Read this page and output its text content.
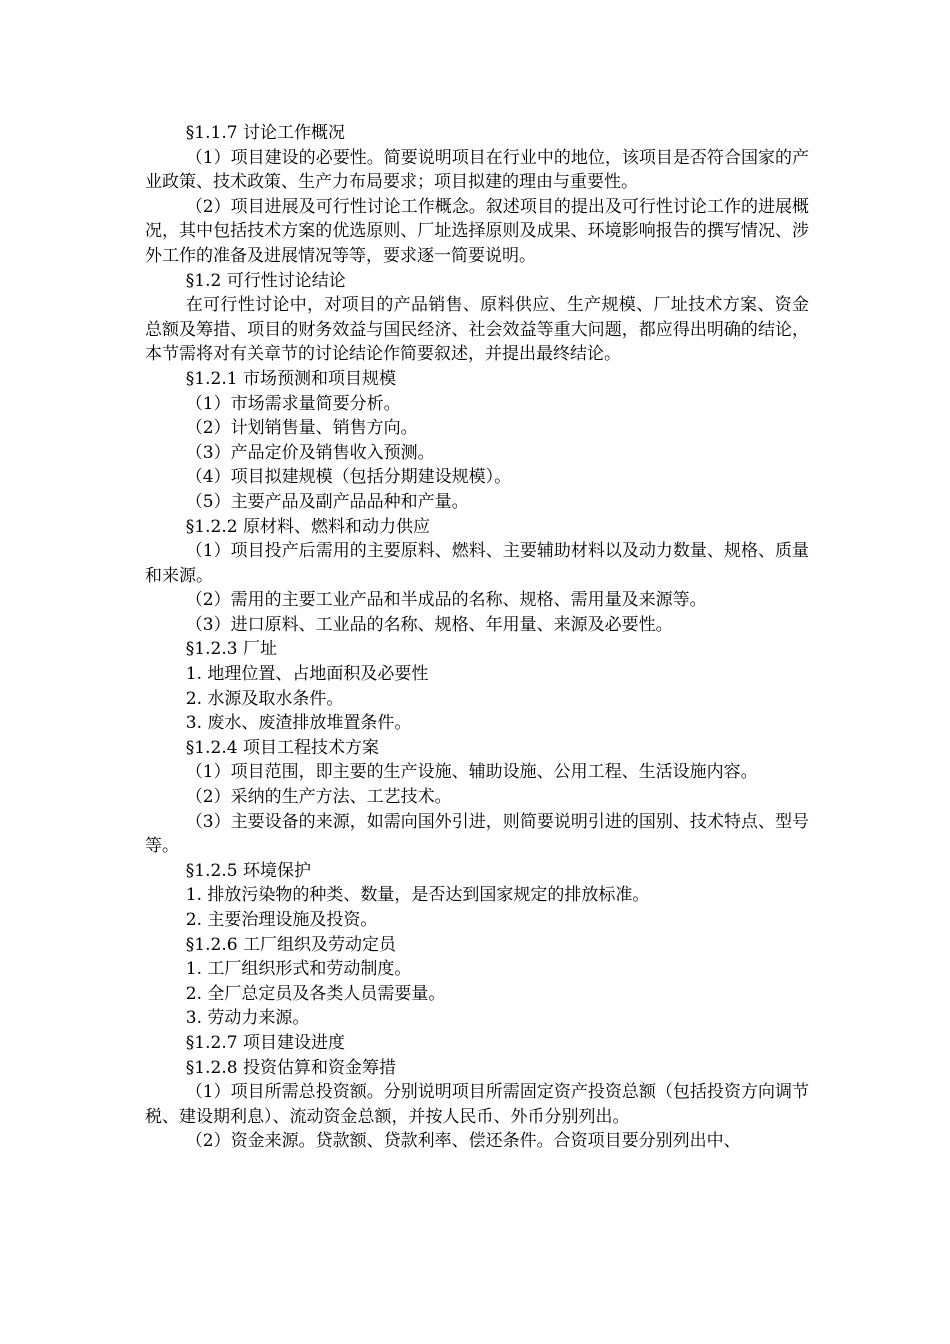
§1.1.7 讨论工作概况

（1）项目建设的必要性。简要说明项目在行业中的地位，该项目是否符合国家的产业政策、技术政策、生产力布局要求；项目拟建的理由与重要性。

（2）项目进展及可行性讨论工作概念。叙述项目的提出及可行性讨论工作的进展概况，其中包括技术方案的优选原则、厂址选择原则及成果、环境影响报告的撰写情况、涉外工作的准备及进展情况等等，要求逐一简要说明。

§1.2 可行性讨论结论

在可行性讨论中，对项目的产品销售、原料供应、生产规模、厂址技术方案、资金总额及筹措、项目的财务效益与国民经济、社会效益等重大问题，都应得出明确的结论，本节需将对有关章节的讨论结论作简要叙述，并提出最终结论。

§1.2.1 市场预测和项目规模

（1）市场需求量简要分析。

（2）计划销售量、销售方向。

（3）产品定价及销售收入预测。

（4）项目拟建规模（包括分期建设规模）。

（5）主要产品及副产品品种和产量。

§1.2.2 原材料、燃料和动力供应

（1）项目投产后需用的主要原料、燃料、主要辅助材料以及动力数量、规格、质量和来源。

（2）需用的主要工业产品和半成品的名称、规格、需用量及来源等。

（3）进口原料、工业品的名称、规格、年用量、来源及必要性。

§1.2.3 厂址

1. 地理位置、占地面积及必要性

2. 水源及取水条件。

3. 废水、废渣排放堆置条件。

§1.2.4 项目工程技术方案

（1）项目范围，即主要的生产设施、辅助设施、公用工程、生活设施内容。

（2）采纳的生产方法、工艺技术。

（3）主要设备的来源，如需向国外引进，则简要说明引进的国别、技术特点、型号等。

§1.2.5 环境保护

1. 排放污染物的种类、数量，是否达到国家规定的排放标准。

2. 主要治理设施及投资。

§1.2.6 工厂组织及劳动定员

1. 工厂组织形式和劳动制度。

2. 全厂总定员及各类人员需要量。

3. 劳动力来源。

§1.2.7 项目建设进度

§1.2.8 投资估算和资金筹措

（1）项目所需总投资额。分别说明项目所需固定资产投资总额（包括投资方向调节税、建设期利息）、流动资金总额，并按人民币、外币分别列出。

（2）资金来源。贷款额、贷款利率、偿还条件。合资项目要分别列出中、
